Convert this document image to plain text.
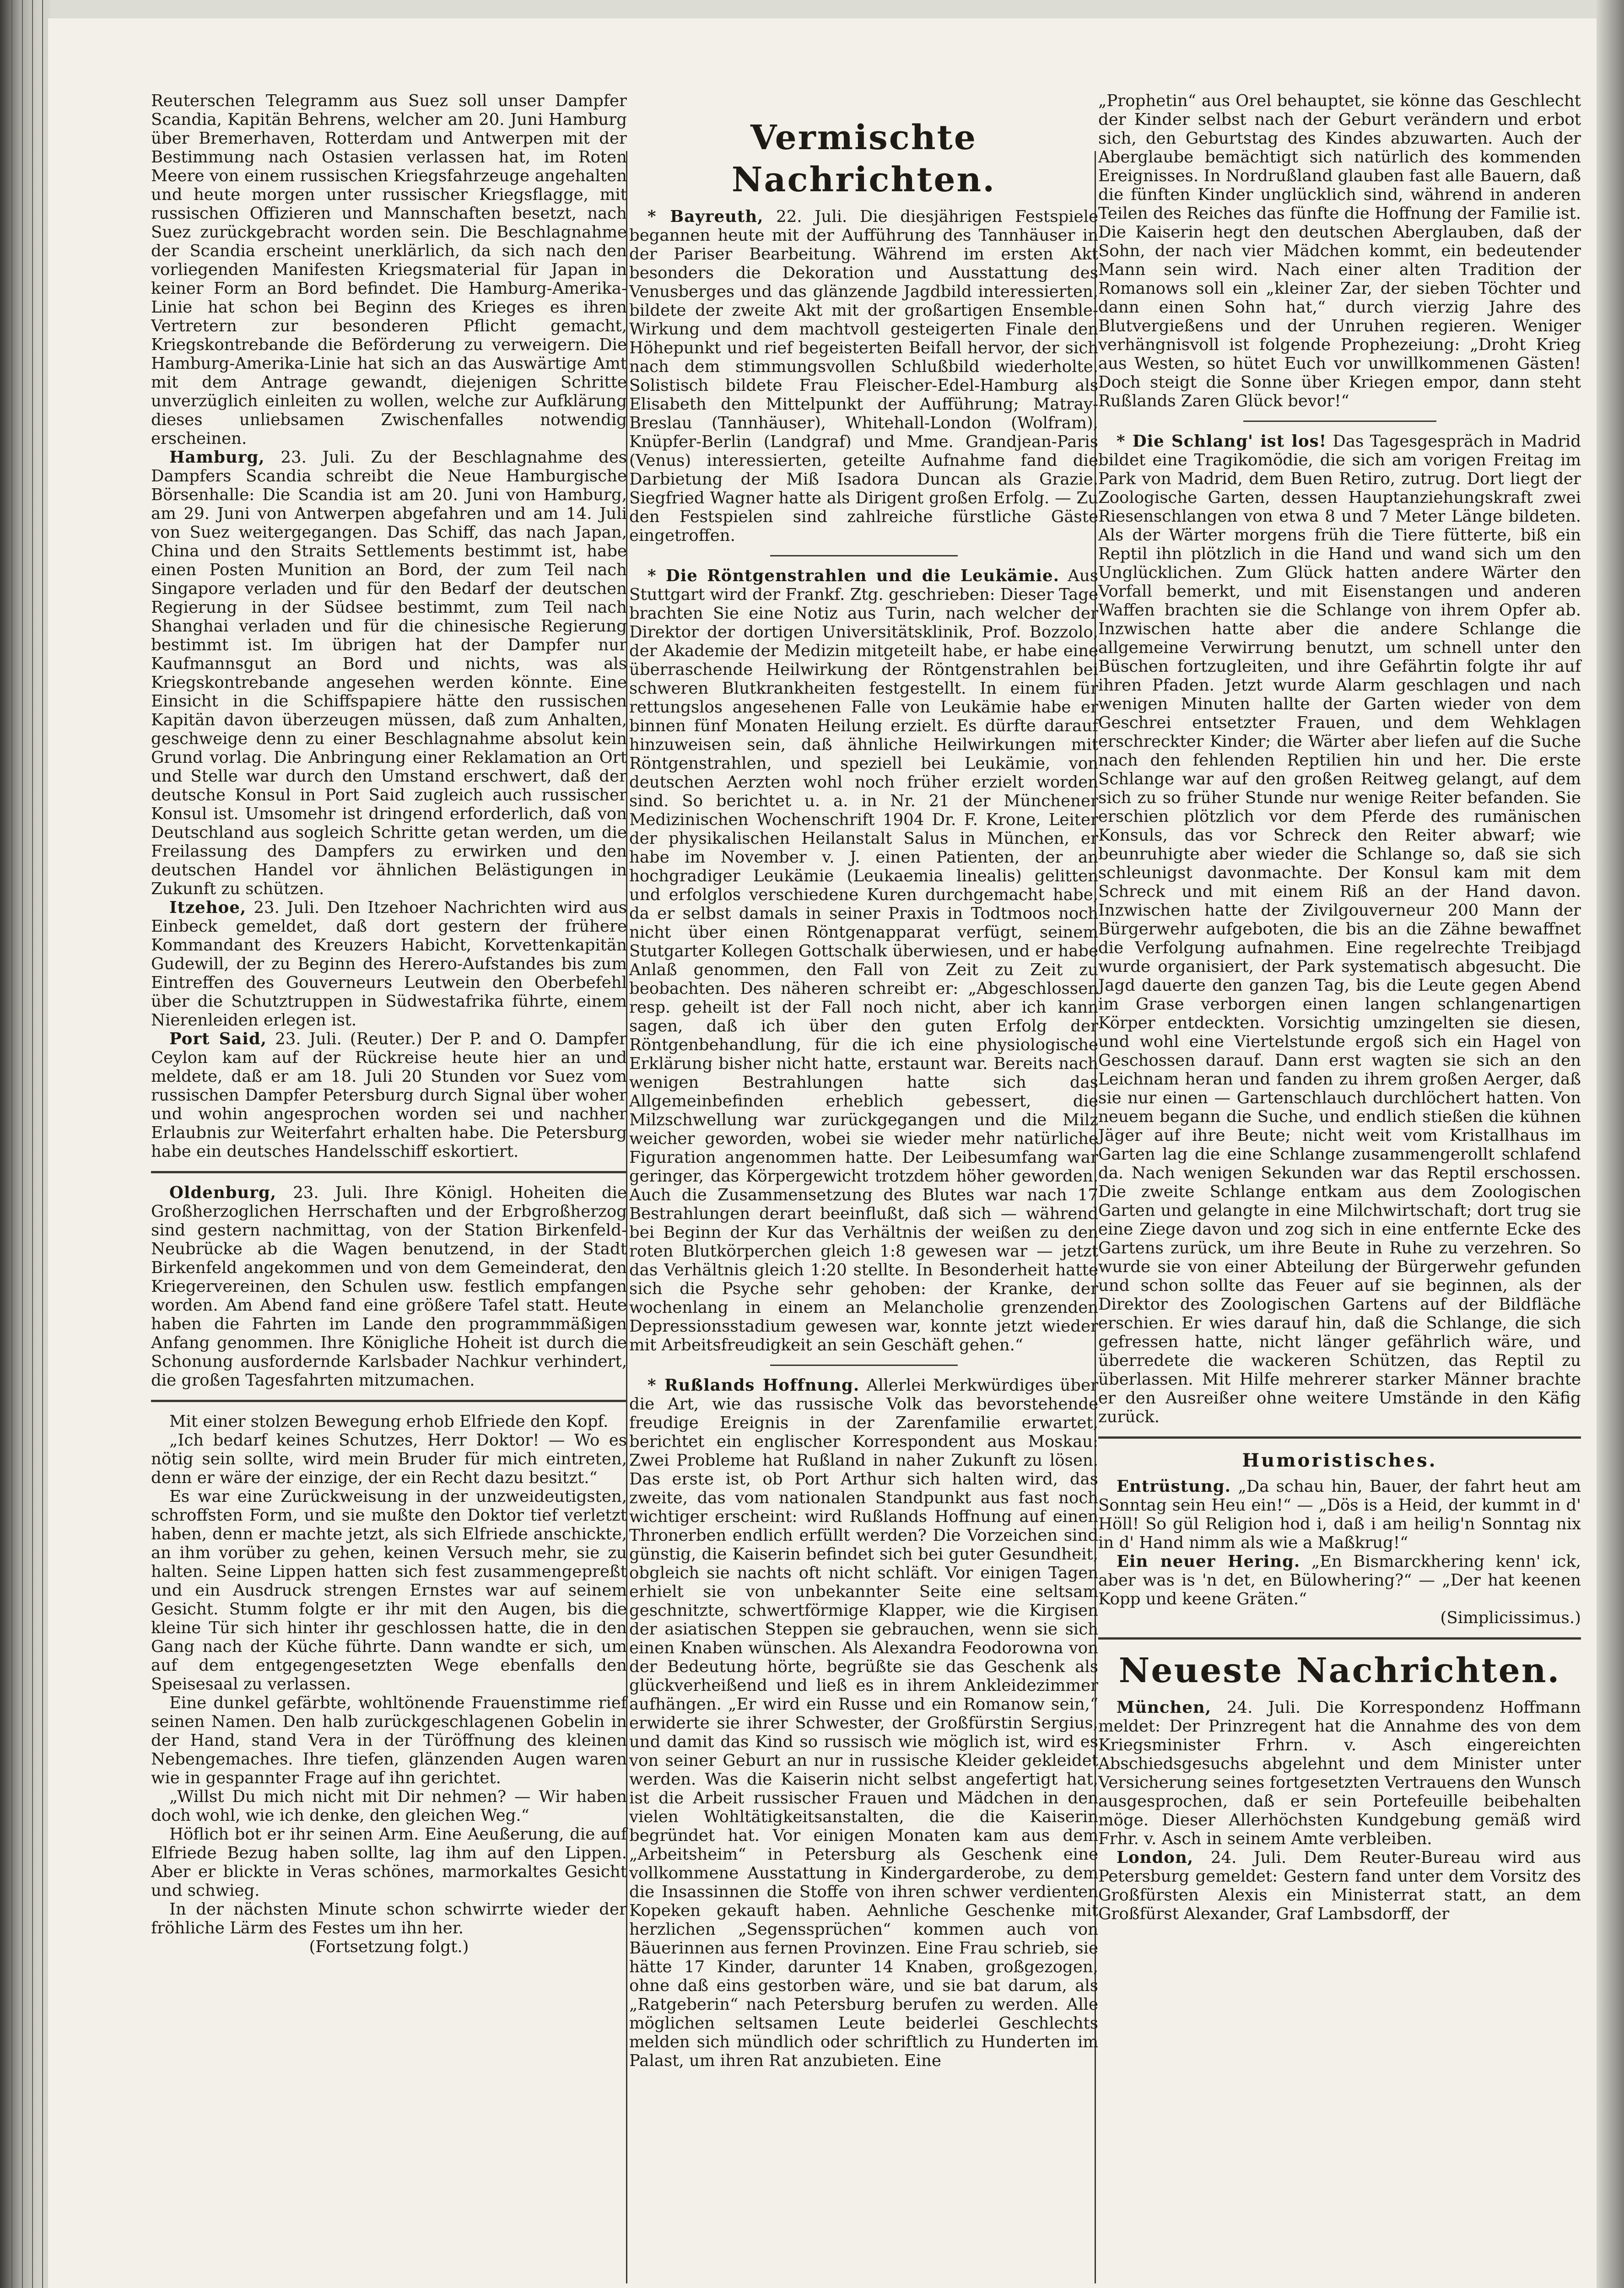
Reuterschen Telegramm aus Suez soll unser Dampfer Scandia, Kapitän Behrens, welcher am 20. Juni Hamburg über Bremerhaven, Rotterdam und Antwerpen mit der Bestimmung nach Ostasien verlassen hat, im Roten Meere von einem russischen Kriegsfahrzeuge angehalten und heute morgen unter russischer Kriegsflagge, mit russischen Offizieren und Mannschaften besetzt, nach Suez zurückgebracht worden sein. Die Beschlagnahme der Scandia erscheint unerklärlich, da sich nach den vorliegenden Manifesten Kriegsmaterial für Japan in keiner Form an Bord befindet. Die Hamburg-Amerika-Linie hat schon bei Beginn des Krieges es ihren Vertretern zur besonderen Pflicht gemacht, Kriegskontrebande die Beförderung zu verweigern. Die Hamburg-Amerika-Linie hat sich an das Auswärtige Amt mit dem Antrage gewandt, diejenigen Schritte unverzüglich einleiten zu wollen, welche zur Aufklärung dieses unliebsamen Zwischenfalles notwendig erscheinen.

Hamburg, 23. Juli. Zu der Beschlagnahme des Dampfers Scandia schreibt die Neue Hamburgische Börsenhalle: Die Scandia ist am 20. Juni von Hamburg, am 29. Juni von Antwerpen abgefahren und am 14. Juli von Suez weitergegangen. Das Schiff, das nach Japan, China und den Straits Settlements bestimmt ist, habe einen Posten Munition an Bord, der zum Teil nach Singapore verladen und für den Bedarf der deutschen Regierung in der Südsee bestimmt, zum Teil nach Shanghai verladen und für die chinesische Regierung bestimmt ist. Im übrigen hat der Dampfer nur Kaufmannsgut an Bord und nichts, was als Kriegskontrebande angesehen werden könnte. Eine Einsicht in die Schiffspapiere hätte den russischen Kapitän davon überzeugen müssen, daß zum Anhalten, geschweige denn zu einer Beschlagnahme absolut kein Grund vorlag. Die Anbringung einer Reklamation an Ort und Stelle war durch den Umstand erschwert, daß der deutsche Konsul in Port Said zugleich auch russischer Konsul ist. Umsomehr ist dringend erforderlich, daß von Deutschland aus sogleich Schritte getan werden, um die Freilassung des Dampfers zu erwirken und den deutschen Handel vor ähnlichen Belästigungen in Zukunft zu schützen.

Itzehoe, 23. Juli. Den Itzehoer Nachrichten wird aus Einbeck gemeldet, daß dort gestern der frühere Kommandant des Kreuzers Habicht, Korvettenkapitän Gudewill, der zu Beginn des Herero-Aufstandes bis zum Eintreffen des Gouverneurs Leutwein den Oberbefehl über die Schutztruppen in Südwestafrika führte, einem Nierenleiden erlegen ist.

Port Said, 23. Juli. (Reuter.) Der P. and O. Dampfer Ceylon kam auf der Rückreise heute hier an und meldete, daß er am 18. Juli 20 Stunden vor Suez vom russischen Dampfer Petersburg durch Signal über woher und wohin angesprochen worden sei und nachher Erlaubnis zur Weiterfahrt erhalten habe. Die Petersburg habe ein deutsches Handelsschiff eskortiert.

Oldenburg, 23. Juli. Ihre Königl. Hoheiten die Großherzoglichen Herrschaften und der Erbgroßherzog sind gestern nachmittag, von der Station Birkenfeld-Neubrücke ab die Wagen benutzend, in der Stadt Birkenfeld angekommen und von dem Gemeinderat, den Kriegervereinen, den Schulen usw. festlich empfangen worden. Am Abend fand eine größere Tafel statt. Heute haben die Fahrten im Lande den programmmäßigen Anfang genommen. Ihre Königliche Hoheit ist durch die Schonung ausfordernde Karlsbader Nachkur verhindert, die großen Tagesfahrten mitzumachen.

Mit einer stolzen Bewegung erhob Elfriede den Kopf.

„Ich bedarf keines Schutzes, Herr Doktor! — Wo es nötig sein sollte, wird mein Bruder für mich eintreten, denn er wäre der einzige, der ein Recht dazu besitzt.“

Es war eine Zurückweisung in der unzweideutigsten, schroffsten Form, und sie mußte den Doktor tief verletzt haben, denn er machte jetzt, als sich Elfriede anschickte, an ihm vorüber zu gehen, keinen Versuch mehr, sie zu halten. Seine Lippen hatten sich fest zusammengepreßt und ein Ausdruck strengen Ernstes war auf seinem Gesicht. Stumm folgte er ihr mit den Augen, bis die kleine Tür sich hinter ihr geschlossen hatte, die in den Gang nach der Küche führte. Dann wandte er sich, um auf dem entgegengesetzten Wege ebenfalls den Speisesaal zu verlassen.

Eine dunkel gefärbte, wohltönende Frauenstimme rief seinen Namen. Den halb zurückgeschlagenen Gobelin in der Hand, stand Vera in der Türöffnung des kleinen Nebengemaches. Ihre tiefen, glänzenden Augen waren wie in gespannter Frage auf ihn gerichtet.

„Willst Du mich nicht mit Dir nehmen? — Wir haben doch wohl, wie ich denke, den gleichen Weg.“

Höflich bot er ihr seinen Arm. Eine Aeußerung, die auf Elfriede Bezug haben sollte, lag ihm auf den Lippen. Aber er blickte in Veras schönes, marmorkaltes Gesicht und schwieg.

In der nächsten Minute schon schwirrte wieder der fröhliche Lärm des Festes um ihn her.

(Fortsetzung folgt.)

Vermischte Nachrichten.

* Bayreuth, 22. Juli. Die diesjährigen Festspiele begannen heute mit der Aufführung des Tannhäuser in der Pariser Bearbeitung. Während im ersten Akt besonders die Dekoration und Ausstattung des Venusberges und das glänzende Jagdbild interessierten, bildete der zweite Akt mit der großartigen Ensemble-Wirkung und dem machtvoll gesteigerten Finale den Höhepunkt und rief begeisterten Beifall hervor, der sich nach dem stimmungsvollen Schlußbild wiederholte. Solistisch bildete Frau Fleischer-Edel-Hamburg als Elisabeth den Mittelpunkt der Aufführung; Matray-Breslau (Tannhäuser), Whitehall-London (Wolfram), Knüpfer-Berlin (Landgraf) und Mme. Grandjean-Paris (Venus) interessierten, geteilte Aufnahme fand die Darbietung der Miß Isadora Duncan als Grazie. Siegfried Wagner hatte als Dirigent großen Erfolg. — Zu den Festspielen sind zahlreiche fürstliche Gäste eingetroffen.

* Die Röntgenstrahlen und die Leukämie. Aus Stuttgart wird der Frankf. Ztg. geschrieben: Dieser Tage brachten Sie eine Notiz aus Turin, nach welcher der Direktor der dortigen Universitätsklinik, Prof. Bozzolo, der Akademie der Medizin mitgeteilt habe, er habe eine überraschende Heilwirkung der Röntgenstrahlen bei schweren Blutkrankheiten festgestellt. In einem für rettungslos angesehenen Falle von Leukämie habe er binnen fünf Monaten Heilung erzielt. Es dürfte darauf hinzuweisen sein, daß ähnliche Heilwirkungen mit Röntgenstrahlen, und speziell bei Leukämie, von deutschen Aerzten wohl noch früher erzielt worden sind. So berichtet u. a. in Nr. 21 der Münchener Medizinischen Wochenschrift 1904 Dr. F. Krone, Leiter der physikalischen Heilanstalt Salus in München, er habe im November v. J. einen Patienten, der an hochgradiger Leukämie (Leukaemia linealis) gelitten und erfolglos verschiedene Kuren durchgemacht habe, da er selbst damals in seiner Praxis in Todtmoos noch nicht über einen Röntgenapparat verfügt, seinem Stutgarter Kollegen Gottschalk überwiesen, und er habe Anlaß genommen, den Fall von Zeit zu Zeit zu beobachten. Des näheren schreibt er: „Abgeschlossen resp. geheilt ist der Fall noch nicht, aber ich kann sagen, daß ich über den guten Erfolg der Röntgenbehandlung, für die ich eine physiologische Erklärung bisher nicht hatte, erstaunt war. Bereits nach wenigen Bestrahlungen hatte sich das Allgemeinbefinden erheblich gebessert, die Milzschwellung war zurückgegangen und die Milz weicher geworden, wobei sie wieder mehr natürliche Figuration angenommen hatte. Der Leibesumfang war geringer, das Körpergewicht trotzdem höher geworden. Auch die Zusammensetzung des Blutes war nach 17 Bestrahlungen derart beeinflußt, daß sich — während bei Beginn der Kur das Verhältnis der weißen zu den roten Blutkörperchen gleich 1:8 gewesen war — jetzt das Verhältnis gleich 1:20 stellte. In Besonderheit hatte sich die Psyche sehr gehoben: der Kranke, der wochenlang in einem an Melancholie grenzenden Depressionsstadium gewesen war, konnte jetzt wieder mit Arbeitsfreudigkeit an sein Geschäft gehen.“

* Rußlands Hoffnung. Allerlei Merkwürdiges über die Art, wie das russische Volk das bevorstehende freudige Ereignis in der Zarenfamilie erwartet, berichtet ein englischer Korrespondent aus Moskau: Zwei Probleme hat Rußland in naher Zukunft zu lösen. Das erste ist, ob Port Arthur sich halten wird, das zweite, das vom nationalen Standpunkt aus fast noch wichtiger erscheint: wird Rußlands Hoffnung auf einen Thronerben endlich erfüllt werden? Die Vorzeichen sind günstig, die Kaiserin befindet sich bei guter Gesundheit, obgleich sie nachts oft nicht schläft. Vor einigen Tagen erhielt sie von unbekannter Seite eine seltsam geschnitzte, schwertförmige Klapper, wie die Kirgisen der asiatischen Steppen sie gebrauchen, wenn sie sich einen Knaben wünschen. Als Alexandra Feodorowna von der Bedeutung hörte, begrüßte sie das Geschenk als glückverheißend und ließ es in ihrem Ankleidezimmer aufhängen. „Er wird ein Russe und ein Romanow sein,“ erwiderte sie ihrer Schwester, der Großfürstin Sergius, und damit das Kind so russisch wie möglich ist, wird es von seiner Geburt an nur in russische Kleider gekleidet werden. Was die Kaiserin nicht selbst angefertigt hat, ist die Arbeit russischer Frauen und Mädchen in den vielen Wohltätigkeitsanstalten, die die Kaiserin begründet hat. Vor einigen Monaten kam aus dem „Arbeitsheim“ in Petersburg als Geschenk eine vollkommene Ausstattung in Kindergarderobe, zu dem die Insassinnen die Stoffe von ihren schwer verdienten Kopeken gekauft haben. Aehnliche Geschenke mit herzlichen „Segenssprüchen“ kommen auch von Bäuerinnen aus fernen Provinzen. Eine Frau schrieb, sie hätte 17 Kinder, darunter 14 Knaben, großgezogen, ohne daß eins gestorben wäre, und sie bat darum, als „Ratgeberin“ nach Petersburg berufen zu werden. Alle möglichen seltsamen Leute beiderlei Geschlechts melden sich mündlich oder schriftlich zu Hunderten im Palast, um ihren Rat anzubieten. Eine

„Prophetin“ aus Orel behauptet, sie könne das Geschlecht der Kinder selbst nach der Geburt verändern und erbot sich, den Geburtstag des Kindes abzuwarten. Auch der Aberglaube bemächtigt sich natürlich des kommenden Ereignisses. In Nordrußland glauben fast alle Bauern, daß die fünften Kinder unglücklich sind, während in anderen Teilen des Reiches das fünfte die Hoffnung der Familie ist. Die Kaiserin hegt den deutschen Aberglauben, daß der Sohn, der nach vier Mädchen kommt, ein bedeutender Mann sein wird. Nach einer alten Tradition der Romanows soll ein „kleiner Zar, der sieben Töchter und dann einen Sohn hat,“ durch vierzig Jahre des Blutvergießens und der Unruhen regieren. Weniger verhängnisvoll ist folgende Prophezeiung: „Droht Krieg aus Westen, so hütet Euch vor unwillkommenen Gästen! Doch steigt die Sonne über Kriegen empor, dann steht Rußlands Zaren Glück bevor!“

* Die Schlang' ist los! Das Tagesgespräch in Madrid bildet eine Tragikomödie, die sich am vorigen Freitag im Park von Madrid, dem Buen Retiro, zutrug. Dort liegt der Zoologische Garten, dessen Hauptanziehungskraft zwei Riesenschlangen von etwa 8 und 7 Meter Länge bildeten. Als der Wärter morgens früh die Tiere fütterte, biß ein Reptil ihn plötzlich in die Hand und wand sich um den Unglücklichen. Zum Glück hatten andere Wärter den Vorfall bemerkt, und mit Eisenstangen und anderen Waffen brachten sie die Schlange von ihrem Opfer ab. Inzwischen hatte aber die andere Schlange die allgemeine Verwirrung benutzt, um schnell unter den Büschen fortzugleiten, und ihre Gefährtin folgte ihr auf ihren Pfaden. Jetzt wurde Alarm geschlagen und nach wenigen Minuten hallte der Garten wieder von dem Geschrei entsetzter Frauen, und dem Wehklagen erschreckter Kinder; die Wärter aber liefen auf die Suche nach den fehlenden Reptilien hin und her. Die erste Schlange war auf den großen Reitweg gelangt, auf dem sich zu so früher Stunde nur wenige Reiter befanden. Sie erschien plötzlich vor dem Pferde des rumänischen Konsuls, das vor Schreck den Reiter abwarf; wie beunruhigte aber wieder die Schlange so, daß sie sich schleunigst davonmachte. Der Konsul kam mit dem Schreck und mit einem Riß an der Hand davon. Inzwischen hatte der Zivilgouverneur 200 Mann der Bürgerwehr aufgeboten, die bis an die Zähne bewaffnet die Verfolgung aufnahmen. Eine regelrechte Treibjagd wurde organisiert, der Park systematisch abgesucht. Die Jagd dauerte den ganzen Tag, bis die Leute gegen Abend im Grase verborgen einen langen schlangenartigen Körper entdeckten. Vorsichtig umzingelten sie diesen, und wohl eine Viertelstunde ergoß sich ein Hagel von Geschossen darauf. Dann erst wagten sie sich an den Leichnam heran und fanden zu ihrem großen Aerger, daß sie nur einen — Gartenschlauch durchlöchert hatten. Von neuem begann die Suche, und endlich stießen die kühnen Jäger auf ihre Beute; nicht weit vom Kristallhaus im Garten lag die eine Schlange zusammengerollt schlafend da. Nach wenigen Sekunden war das Reptil erschossen. Die zweite Schlange entkam aus dem Zoologischen Garten und gelangte in eine Milchwirtschaft; dort trug sie eine Ziege davon und zog sich in eine entfernte Ecke des Gartens zurück, um ihre Beute in Ruhe zu verzehren. So wurde sie von einer Abteilung der Bürgerwehr gefunden und schon sollte das Feuer auf sie beginnen, als der Direktor des Zoologischen Gartens auf der Bildfläche erschien. Er wies darauf hin, daß die Schlange, die sich gefressen hatte, nicht länger gefährlich wäre, und überredete die wackeren Schützen, das Reptil zu überlassen. Mit Hilfe mehrerer starker Männer brachte er den Ausreißer ohne weitere Umstände in den Käfig zurück.

Humoristisches.

Entrüstung. „Da schau hin, Bauer, der fahrt heut am Sonntag sein Heu ein!“ — „Dös is a Heid, der kummt in d' Höll! So gül Religion hod i, daß i am heilig'n Sonntag nix in d' Hand nimm als wie a Maßkrug!“

Ein neuer Hering. „En Bismarckhering kenn' ick, aber was is 'n det, en Bülowhering?“ — „Der hat keenen Kopp und keene Gräten.“

(Simplicissimus.)

Neueste Nachrichten.

München, 24. Juli. Die Korrespondenz Hoffmann meldet: Der Prinzregent hat die Annahme des von dem Kriegsminister Frhrn. v. Asch eingereichten Abschiedsgesuchs abgelehnt und dem Minister unter Versicherung seines fortgesetzten Vertrauens den Wunsch ausgesprochen, daß er sein Portefeuille beibehalten möge. Dieser Allerhöchsten Kundgebung gemäß wird Frhr. v. Asch in seinem Amte verbleiben.

London, 24. Juli. Dem Reuter-Bureau wird aus Petersburg gemeldet: Gestern fand unter dem Vorsitz des Großfürsten Alexis ein Ministerrat statt, an dem Großfürst Alexander, Graf Lambsdorff, der
